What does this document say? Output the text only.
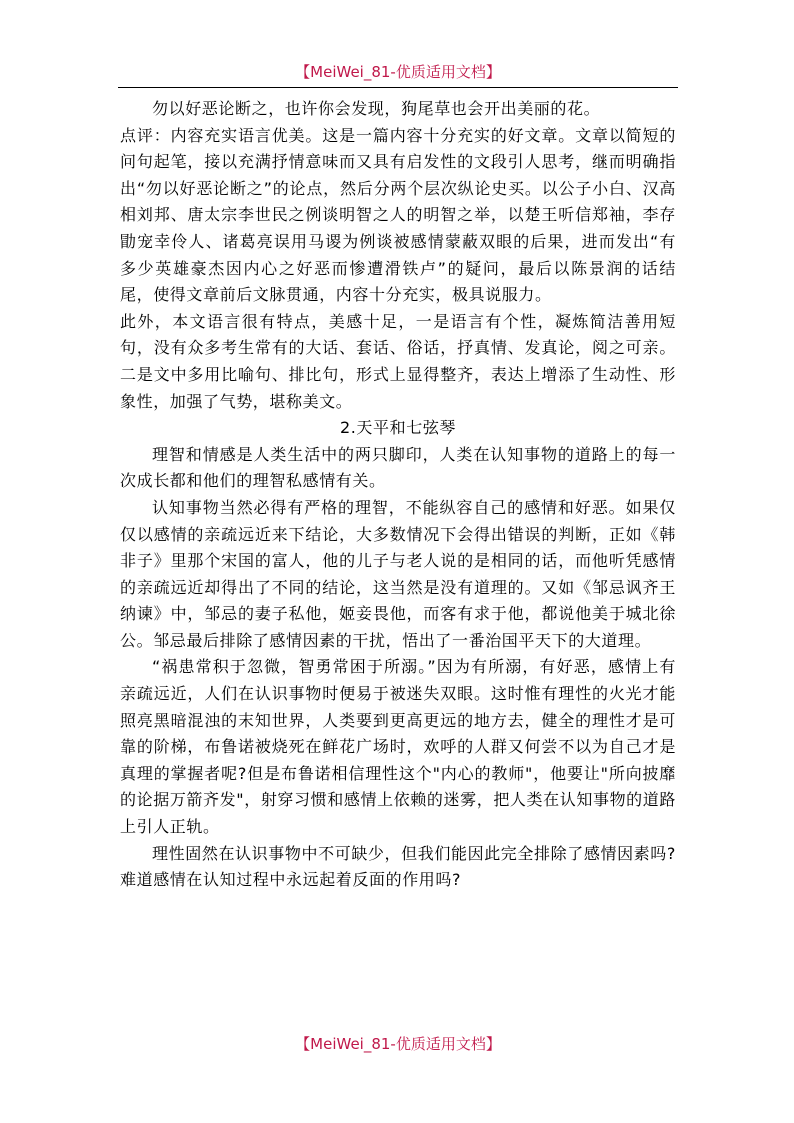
【MeiWei_81-优质适用文档】

勿以好恶论断之，也许你会发现，狗尾草也会开出美丽的花。

点评：内容充实语言优美。这是一篇内容十分充实的好文章。文章以简短的问句起笔，接以充满抒情意味而又具有启发性的文段引人思考，继而明确指出“勿以好恶论断之”的论点，然后分两个层次纵论史买。以公子小白、汉高相刘邦、唐太宗李世民之例谈明智之人的明智之举，以楚王听信郑袖，李存勖宠幸伶人、诸葛亮误用马谡为例谈被感情蒙蔽双眼的后果，进而发出“有多少英雄豪杰因内心之好恶而惨遭滑铁卢”的疑问，最后以陈景润的话结尾，使得文章前后文脉贯通，内容十分充实，极具说服力。

此外，本文语言很有特点，美感十足，一是语言有个性，凝炼简洁善用短句，没有众多考生常有的大话、套话、俗话，抒真情、发真论，阅之可亲。二是文中多用比喻句、排比句，形式上显得整齐，表达上增添了生动性、形象性，加强了气势，堪称美文。

2.天平和七弦琴

理智和情感是人类生活中的两只脚印，人类在认知事物的道路上的每一次成长都和他们的理智私感情有关。

认知事物当然必得有严格的理智，不能纵容自己的感情和好恶。如果仅仅以感情的亲疏远近来下结论，大多数情况下会得出错误的判断，正如《韩非子》里那个宋国的富人，他的儿子与老人说的是相同的话，而他听凭感情的亲疏远近却得出了不同的结论，这当然是没有道理的。又如《邹忌讽齐王纳谏》中，邹忌的妻子私他，姬妾畏他，而客有求于他，都说他美于城北徐公。邹忌最后排除了感情因素的干扰，悟出了一番治国平天下的大道理。

“祸患常积于忽微，智勇常困于所溺。”因为有所溺，有好恶，感情上有亲疏远近，人们在认识事物时便易于被迷失双眼。这时惟有理性的火光才能照亮黑暗混浊的末知世界，人类要到更高更远的地方去，健全的理性才是可靠的阶梯，布鲁诺被烧死在鲜花广场时，欢呼的人群又何尝不以为自己才是真理的掌握者呢?但是布鲁诺相信理性这个"内心的教师"，他要让"所向披靡的论据万箭齐发"，射穿习惯和感情上依赖的迷雾，把人类在认知事物的道路上引人正轨。

理性固然在认识事物中不可缺少，但我们能因此完全排除了感情因素吗?难道感情在认知过程中永远起着反面的作用吗?

【MeiWei_81-优质适用文档】
